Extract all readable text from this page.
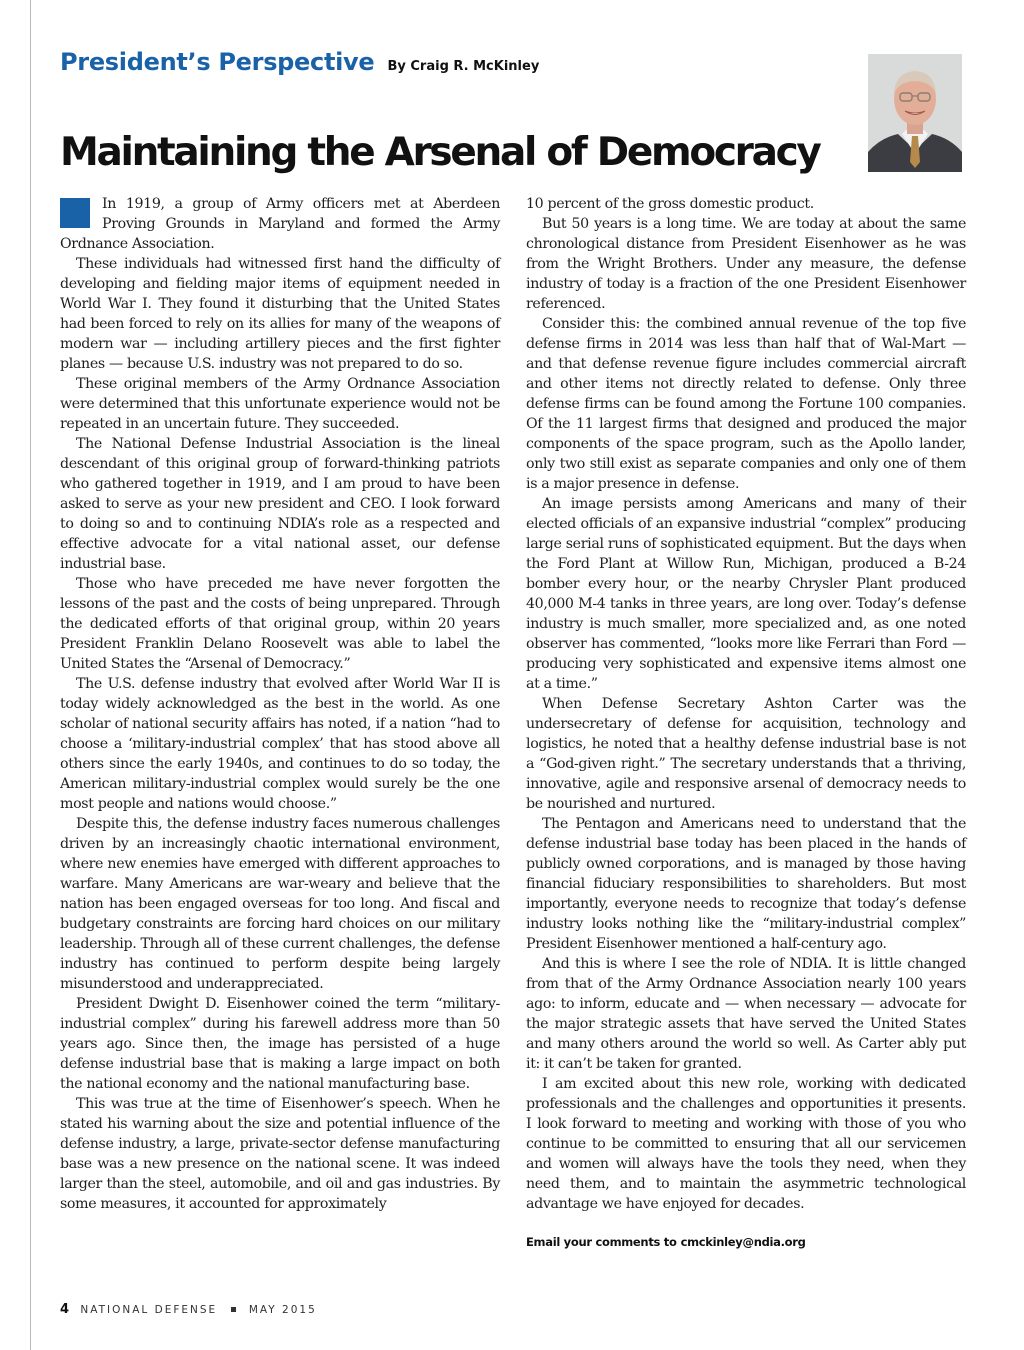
President’s Perspective By Craig R. McKinley
Maintaining the Arsenal of Democracy

In 1919, a group of Army officers met at Aberdeen Proving Grounds in Maryland and formed the Army Ordnance Association.

These individuals had witnessed first hand the difficulty of developing and fielding major items of equipment needed in World War I. They found it disturbing that the United States had been forced to rely on its allies for many of the weapons of modern war — including artillery pieces and the first fighter planes — because U.S. industry was not prepared to do so.

These original members of the Army Ordnance Association were determined that this unfortunate experience would not be repeated in an uncertain future. They succeeded.

The National Defense Industrial Association is the lineal descendant of this original group of forward-thinking patriots who gathered together in 1919, and I am proud to have been asked to serve as your new president and CEO. I look forward to doing so and to continuing NDIA’s role as a respected and effective advocate for a vital national asset, our defense industrial base.

Those who have preceded me have never forgotten the lessons of the past and the costs of being unprepared. Through the dedicated efforts of that original group, within 20 years President Franklin Delano Roosevelt was able to label the United States the “Arsenal of Democracy.”

The U.S. defense industry that evolved after World War II is today widely acknowledged as the best in the world. As one scholar of national security affairs has noted, if a nation “had to choose a ‘military-industrial complex’ that has stood above all others since the early 1940s, and continues to do so today, the American military-industrial complex would surely be the one most people and nations would choose.”

Despite this, the defense industry faces numerous challenges driven by an increasingly chaotic international environment, where new enemies have emerged with different approaches to warfare. Many Americans are war-weary and believe that the nation has been engaged overseas for too long. And fiscal and budgetary constraints are forcing hard choices on our military leadership. Through all of these current challenges, the defense industry has continued to perform despite being largely misunderstood and underappreciated.

President Dwight D. Eisenhower coined the term “military-industrial complex” during his farewell address more than 50 years ago. Since then, the image has persisted of a huge defense industrial base that is making a large impact on both the national economy and the national manufacturing base.

This was true at the time of Eisenhower’s speech. When he stated his warning about the size and potential influence of the defense industry, a large, private-sector defense manufacturing base was a new presence on the national scene. It was indeed larger than the steel, automobile, and oil and gas industries. By some measures, it accounted for approximately

10 percent of the gross domestic product.

But 50 years is a long time. We are today at about the same chronological distance from President Eisenhower as he was from the Wright Brothers. Under any measure, the defense industry of today is a fraction of the one President Eisenhower referenced.

Consider this: the combined annual revenue of the top five defense firms in 2014 was less than half that of Wal-Mart — and that defense revenue figure includes commercial aircraft and other items not directly related to defense. Only three defense firms can be found among the Fortune 100 companies. Of the 11 largest firms that designed and produced the major components of the space program, such as the Apollo lander, only two still exist as separate companies and only one of them is a major presence in defense.

An image persists among Americans and many of their elected officials of an expansive industrial “complex” producing large serial runs of sophisticated equipment. But the days when the Ford Plant at Willow Run, Michigan, produced a B-24 bomber every hour, or the nearby Chrysler Plant produced 40,000 M-4 tanks in three years, are long over. Today’s defense industry is much smaller, more specialized and, as one noted observer has commented, “looks more like Ferrari than Ford — producing very sophisticated and expensive items almost one at a time.”

When Defense Secretary Ashton Carter was the undersecretary of defense for acquisition, technology and logistics, he noted that a healthy defense industrial base is not a “God-given right.” The secretary understands that a thriving, innovative, agile and responsive arsenal of democracy needs to be nourished and nurtured.

The Pentagon and Americans need to understand that the defense industrial base today has been placed in the hands of publicly owned corporations, and is managed by those having financial fiduciary responsibilities to shareholders. But most importantly, everyone needs to recognize that today’s defense industry looks nothing like the “military-industrial complex” President Eisenhower mentioned a half-century ago.

And this is where I see the role of NDIA. It is little changed from that of the Army Ordnance Association nearly 100 years ago: to inform, educate and — when necessary — advocate for the major strategic assets that have served the United States and many others around the world so well. As Carter ably put it: it can’t be taken for granted.

I am excited about this new role, working with dedicated professionals and the challenges and opportunities it presents. I look forward to meeting and working with those of you who continue to be committed to ensuring that all our servicemen and women will always have the tools they need, when they need them, and to maintain the asymmetric technological advantage we have enjoyed for decades.

Email your comments to cmckinley@ndia.org
4 NATIONAL DEFENSE	MAY 2015
